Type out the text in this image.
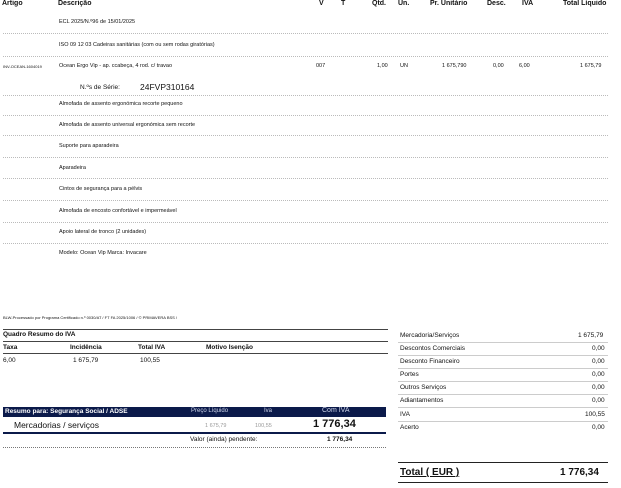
Artigo	Descrição	V T	Qtd. Un.	Pr. Unitário	Desc. IVA	Total Líquido
ECL 2025/N.º96 de 15/01/2025
ISO 09 12 03 Cadeiras sanitárias (com ou sem rodas giratórias)
INV-OCEAN-1604019	Ocean Ergo Vip - ap. ccabeça, 4 rod. c/ travao	007	1,00 UN	1 675,790	0,00	6,00	1 675,79
N.ºs de Série: 24FVP310164
Almofada de assento ergonómica recorte pequeno
Almofada de assento universal ergonómica sem recorte
Suporte para aparadeira
Aparadeira
Cintos de segurança para a pélvis
Almofada de encosto confortável e impermeável
Apoio lateral de tronco (2 unidades)
Modelo: Ocean Vip Marca: Invacare
BLW-Processado por Programa Certificado n.º 0030/AT / FT FA 2025/1006 / © PRIMAVERA BSS /
Quadro Resumo do IVA
Taxa	Incidência	Total IVA	Motivo Isenção
6,00	1 675,79	100,55
Resumo para: Segurança Social / ADSE	Preço Líquido	Iva	Com IVA
Mercadorias / serviços	1 675,79	100,55	1 776,34
Valor (ainda) pendente:	1 776,34
Mercadoria/Serviços	1 675,79
Descontos Comerciais	0,00
Desconto Financeiro	0,00
Portes	0,00
Outros Serviços	0,00
Adiantamentos	0,00
IVA	100,55
Acerto	0,00
Total ( EUR )	1 776,34
